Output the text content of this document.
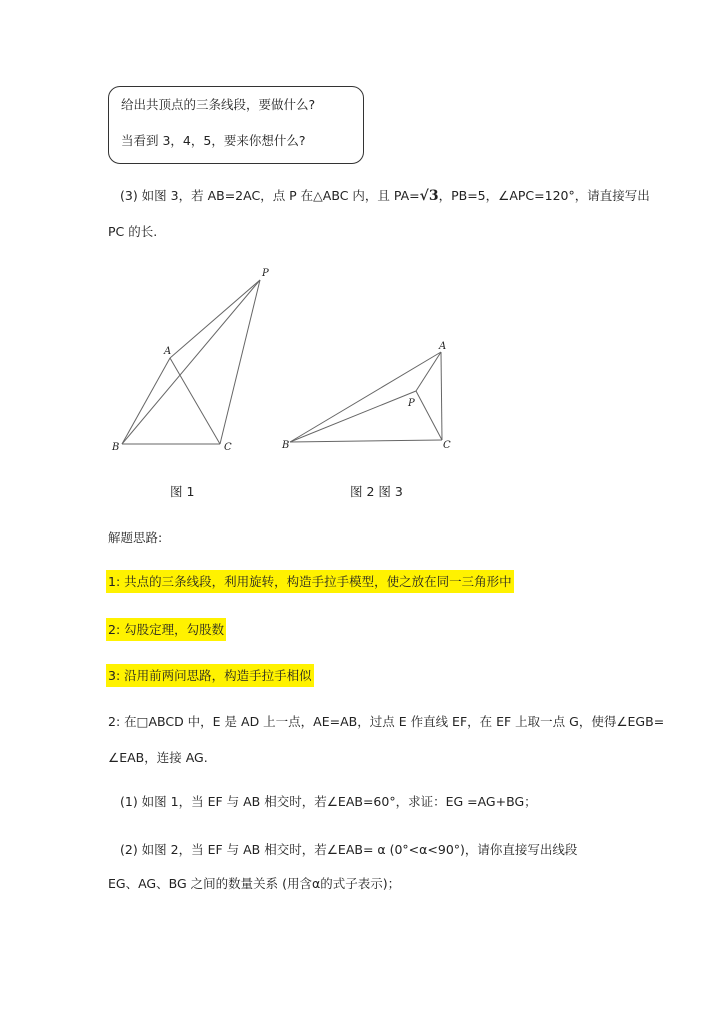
给出共顶点的三条线段，要做什么?
当看到 3，4，5，要来你想什么?
(3) 如图 3，若 AB=2AC，点 P 在△ABC 内，且 PA=√3，PB=5，∠APC=120°，请直接写出
PC 的长.
P
A
B	C
A
P
B	C
图 1	图 2 图 3
解题思路:
1: 共点的三条线段，利用旋转，构造手拉手模型，使之放在同一三角形中
2: 勾股定理，勾股数
3: 沿用前两问思路，构造手拉手相似
2: 在□ABCD 中，E 是 AD 上一点，AE=AB，过点 E 作直线 EF，在 EF 上取一点 G，使得∠EGB=
∠EAB，连接 AG.
(1) 如图 1，当 EF 与 AB 相交时，若∠EAB=60°，求证：EG =AG+BG；
(2) 如图 2，当 EF 与 AB 相交时，若∠EAB= α (0°<α<90°)，请你直接写出线段
EG、AG、BG 之间的数量关系 (用含α的式子表示)；
